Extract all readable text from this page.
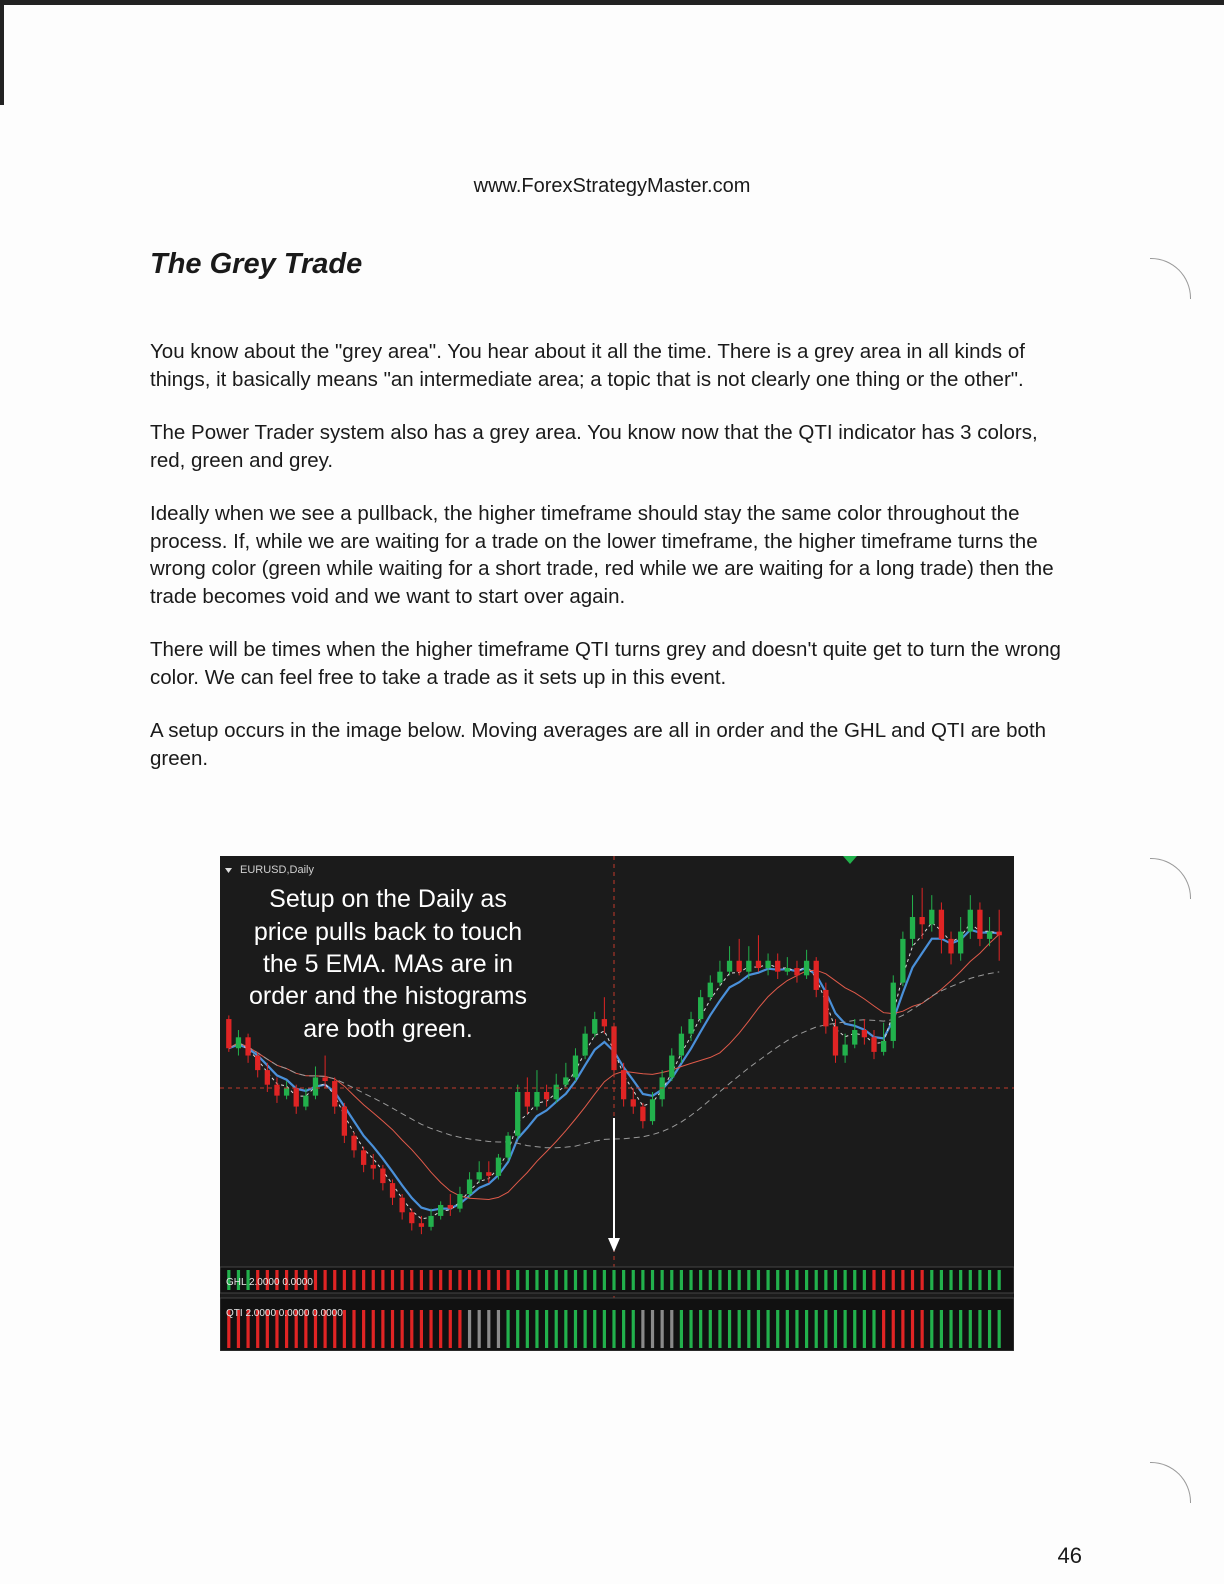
www.ForexStrategyMaster.com
The Grey Trade

You know about the "grey area". You hear about it all the time. There is a grey area in all kinds of things, it basically means "an intermediate area; a topic that is not clearly one thing or the other".

The Power Trader system also has a grey area. You know now that the QTI indicator has 3 colors, red, green and grey.

Ideally when we see a pullback, the higher timeframe should stay the same color throughout the process. If, while we are waiting for a trade on the lower timeframe, the higher timeframe turns the wrong color (green while waiting for a short trade, red while we are waiting for a long trade) then the trade becomes void and we want to start over again.

There will be times when the higher timeframe QTI turns grey and doesn't quite get to turn the wrong color. We can feel free to take a trade as it sets up in this event.

A setup occurs in the image below. Moving averages are all in order and the GHL and QTI are both green.

EURUSD,Daily
Setup on the Daily as
price pulls back to touch
the 5 EMA. MAs are in
order and the histograms
are both green.
GHL 2.0000 0.0000
QTI 2.0000 0.0000 0.0000
46
